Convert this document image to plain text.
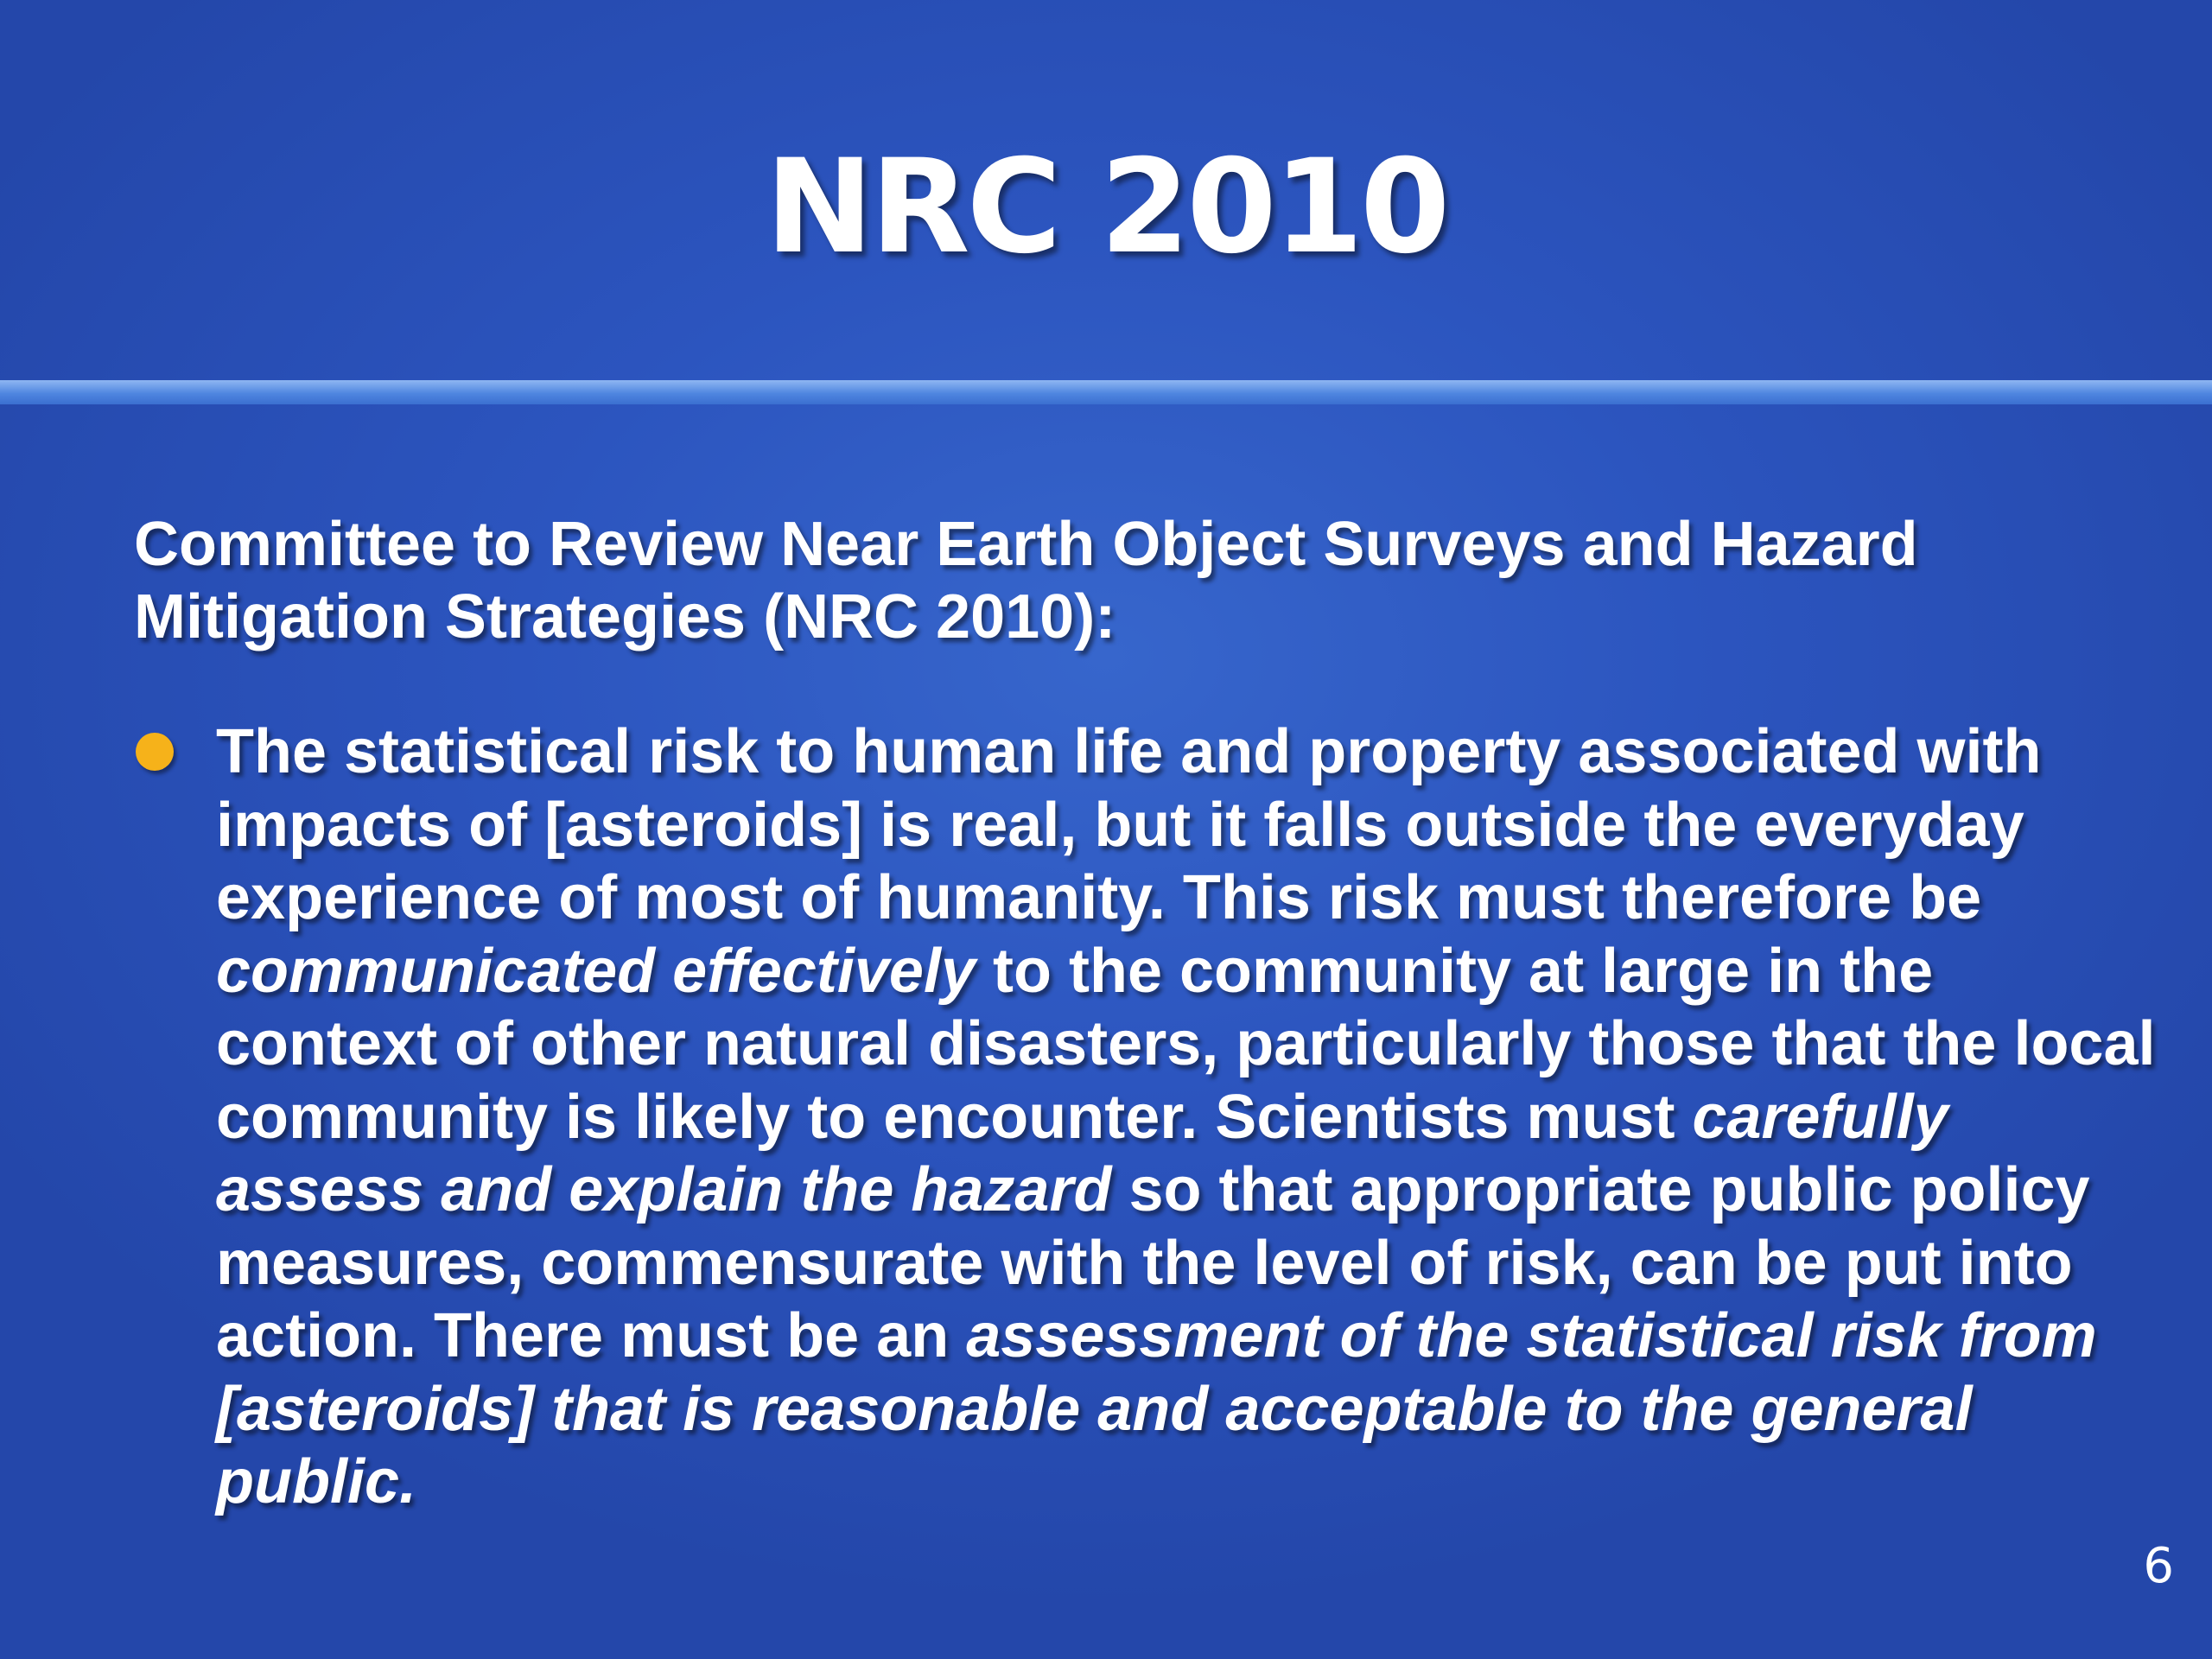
NRC 2010
Committee to Review Near Earth Object Surveys and Hazard Mitigation Strategies (NRC 2010):
The statistical risk to human life and property associated with impacts of [asteroids] is real, but it falls outside the everyday experience of most of humanity. This risk must therefore be communicated effectively to the community at large in the context of other natural disasters, particularly those that the local community is likely to encounter. Scientists must carefully assess and explain the hazard so that appropriate public policy measures, commensurate with the level of risk, can be put into action. There must be an assessment of the statistical risk from [asteroids] that is reasonable and acceptable to the general public.
6
